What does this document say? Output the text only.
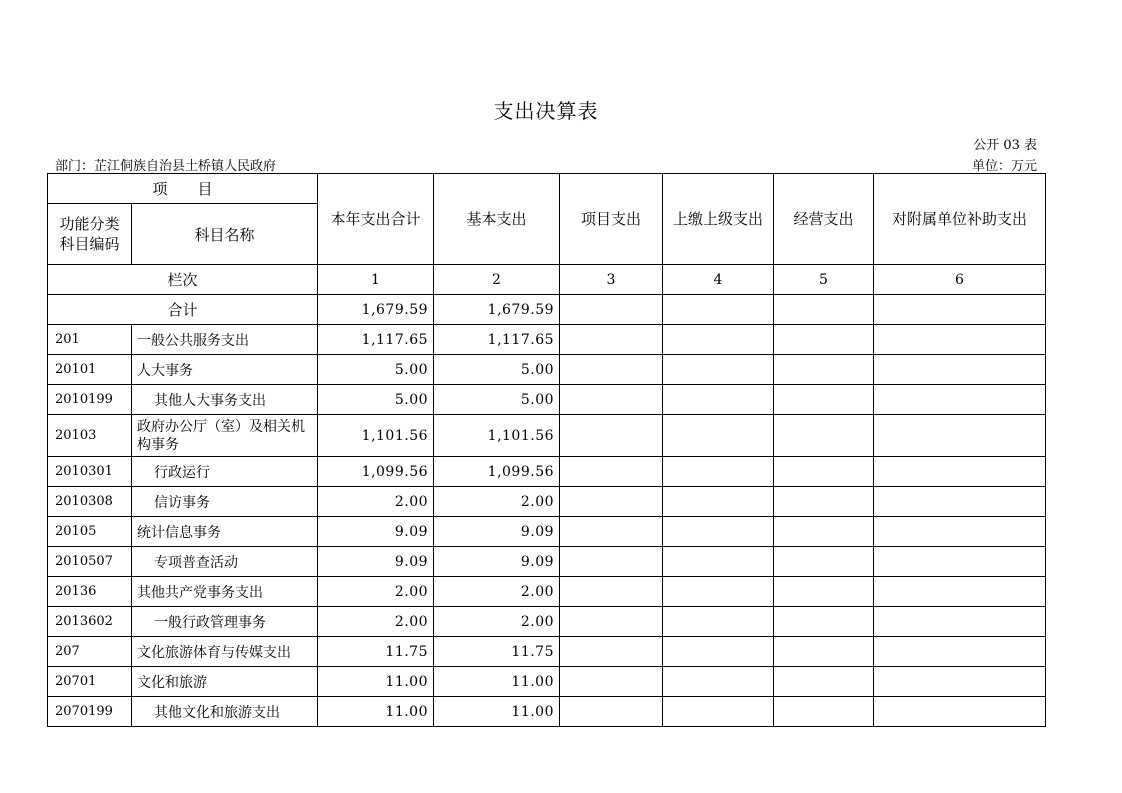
支出决算表
公开 03 表
部门：芷江侗族自治县土桥镇人民政府	单位：万元
项　　目		本年支出合计	基本支出	项目支出	上缴上级支出	经营支出	对附属单位补助支出
功能分类科目编码	科目名称						
栏次		1	2	3	4	5	6
合计		1,679.59	1,679.59				
201	一般公共服务支出	1,117.65	1,117.65				
20101	人大事务	5.00	5.00				
2010199	其他人大事务支出	5.00	5.00				
20103	政府办公厅（室）及相关机构事务	1,101.56	1,101.56				
2010301	行政运行	1,099.56	1,099.56				
2010308	信访事务	2.00	2.00				
20105	统计信息事务	9.09	9.09				
2010507	专项普查活动	9.09	9.09				
20136	其他共产党事务支出	2.00	2.00				
2013602	一般行政管理事务	2.00	2.00				
207	文化旅游体育与传媒支出	11.75	11.75				
20701	文化和旅游	11.00	11.00				
2070199	其他文化和旅游支出	11.00	11.00				
